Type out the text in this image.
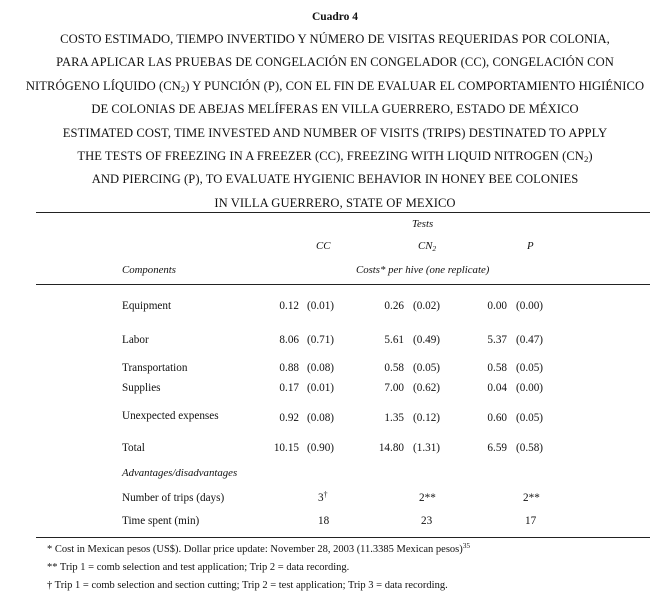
Cuadro 4
COSTO ESTIMADO, TIEMPO INVERTIDO Y NÚMERO DE VISITAS REQUERIDAS POR COLONIA,
PARA APLICAR LAS PRUEBAS DE CONGELACIÓN EN CONGELADOR (CC), CONGELACIÓN CON
NITRÓGENO LÍQUIDO $(CN_2)$ Y PUNCIÓN (P), CON EL FIN DE EVALUAR EL COMPORTAMIENTO HIGIÉNICO
DE COLONIAS DE ABEJAS MELÍFERAS EN VILLA GUERRERO, ESTADO DE MÉXICO
ESTIMATED COST, TIME INVESTED AND NUMBER OF VISITS (TRIPS) DESTINATED TO APPLY
THE TESTS OF FREEZING IN A FREEZER (CC), FREEZING WITH LIQUID NITROGEN $(CN_2)$
AND PIERCING (P), TO EVALUATE HYGIENIC BEHAVIOR IN HONEY BEE COLONIES
IN VILLA GUERRERO, STATE OF MEXICO
Tests
CC	$CN_2$	P
Components	Costs* per hive (one replicate)
Equipment	0.12 (0.01)	0.26 (0.02)	0.00 (0.00)
Labor	8.06 (0.71)	5.61 (0.49)	5.37 (0.47)
Transportation	0.88 (0.08)	0.58 (0.05)	0.58 (0.05)
Supplies	0.17 (0.01)	7.00 (0.62)	0.04 (0.00)
Unexpected expenses	0.92 (0.08)	1.35 (0.12)	0.60 (0.05)
Total	10.15 (0.90)	14.80 (1.31)	6.59 (0.58)
Advantages/disadvantages
Number of trips (days)	3†	2**	2**
Time spent (min)	18	23	17
* Cost in Mexican pesos (US$). Dollar price update: November 28, 2003 (11.3385 Mexican pesos)$^{35}$
** Trip 1 = comb selection and test application; Trip 2 = data recording.
† Trip 1 = comb selection and section cutting; Trip 2 = test application; Trip 3 = data recording.
